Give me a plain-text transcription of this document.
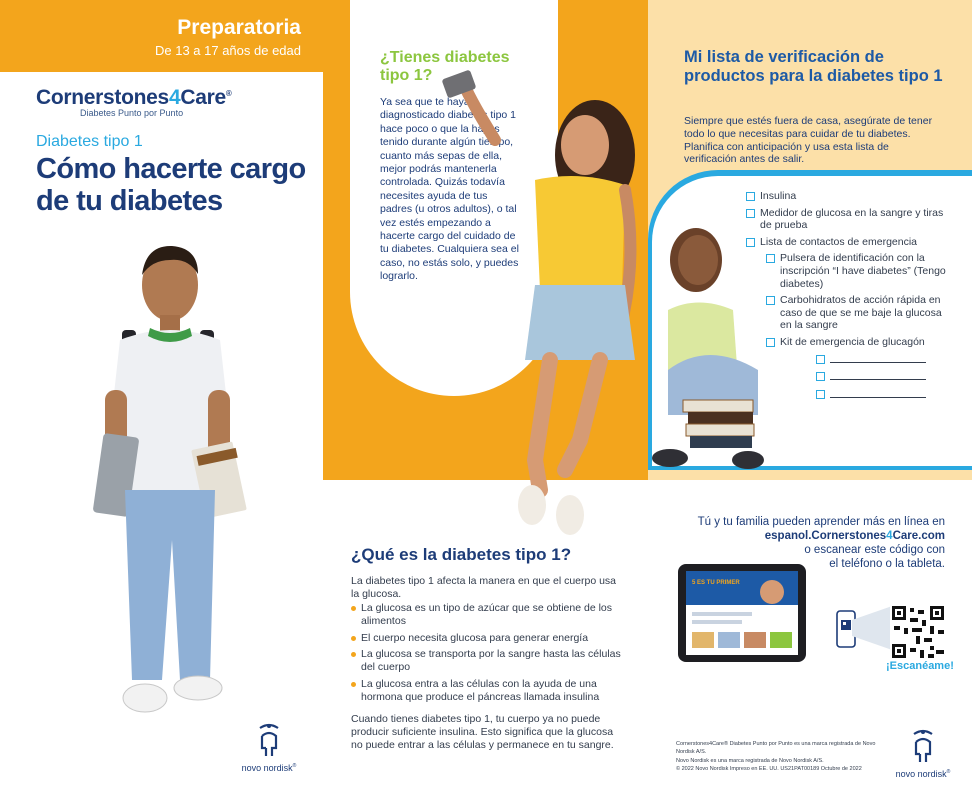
Preparatoria
De 13 a 17 años de edad
Cornerstones4Care®
Diabetes Punto por Punto
Diabetes tipo 1
Cómo hacerte cargo de tu diabetes
novo nordisk®
¿Tienes diabetes tipo 1?
Ya sea que te hayan diagnosticado diabetes tipo 1 hace poco o que la hayas tenido durante algún tiempo, cuanto más sepas de ella, mejor podrás mantenerla controlada. Quizás todavía necesites ayuda de tus padres (u otros adultos), o tal vez estés empezando a hacerte cargo del cuidado de tu diabetes. Cualquiera sea el caso, no estás solo, y puedes lograrlo.
¿Qué es la diabetes tipo 1?
La diabetes tipo 1 afecta la manera en que el cuerpo usa la glucosa.
La glucosa es un tipo de azúcar que se obtiene de los alimentos
El cuerpo necesita glucosa para generar energía
La glucosa se transporta por la sangre hasta las células del cuerpo
La glucosa entra a las células con la ayuda de una hormona que produce el páncreas llamada insulina
Cuando tienes diabetes tipo 1, tu cuerpo ya no puede producir suficiente insulina. Esto significa que la glucosa no puede entrar a las células y permanece en tu sangre.
Mi lista de verificación de productos para la diabetes tipo 1
Siempre que estés fuera de casa, asegúrate de tener todo lo que necesitas para cuidar de tu diabetes. Planifica con anticipación y usa esta lista de verificación antes de salir.
Insulina
Medidor de glucosa en la sangre y tiras de prueba
Lista de contactos de emergencia
Pulsera de identificación con la inscripción “I have diabetes” (Tengo diabetes)
Carbohidratos de acción rápida en caso de que se me baje la glucosa en la sangre
Kit de emergencia de glucagón
Tú y tu familia pueden aprender más en línea en
espanol.Cornerstones4Care.com
o escanear este código con
el teléfono o la tableta.
5 ES TU PRIMER
¡Escanéame!
Cornerstones4Care® Diabetes Punto por Punto es una marca registrada de Novo Nordisk A/S.
Novo Nordisk es una marca registrada de Novo Nordisk A/S.
© 2022 Novo Nordisk Impreso en EE. UU. US21PAT00189 Octubre de 2022	novo nordisk®
